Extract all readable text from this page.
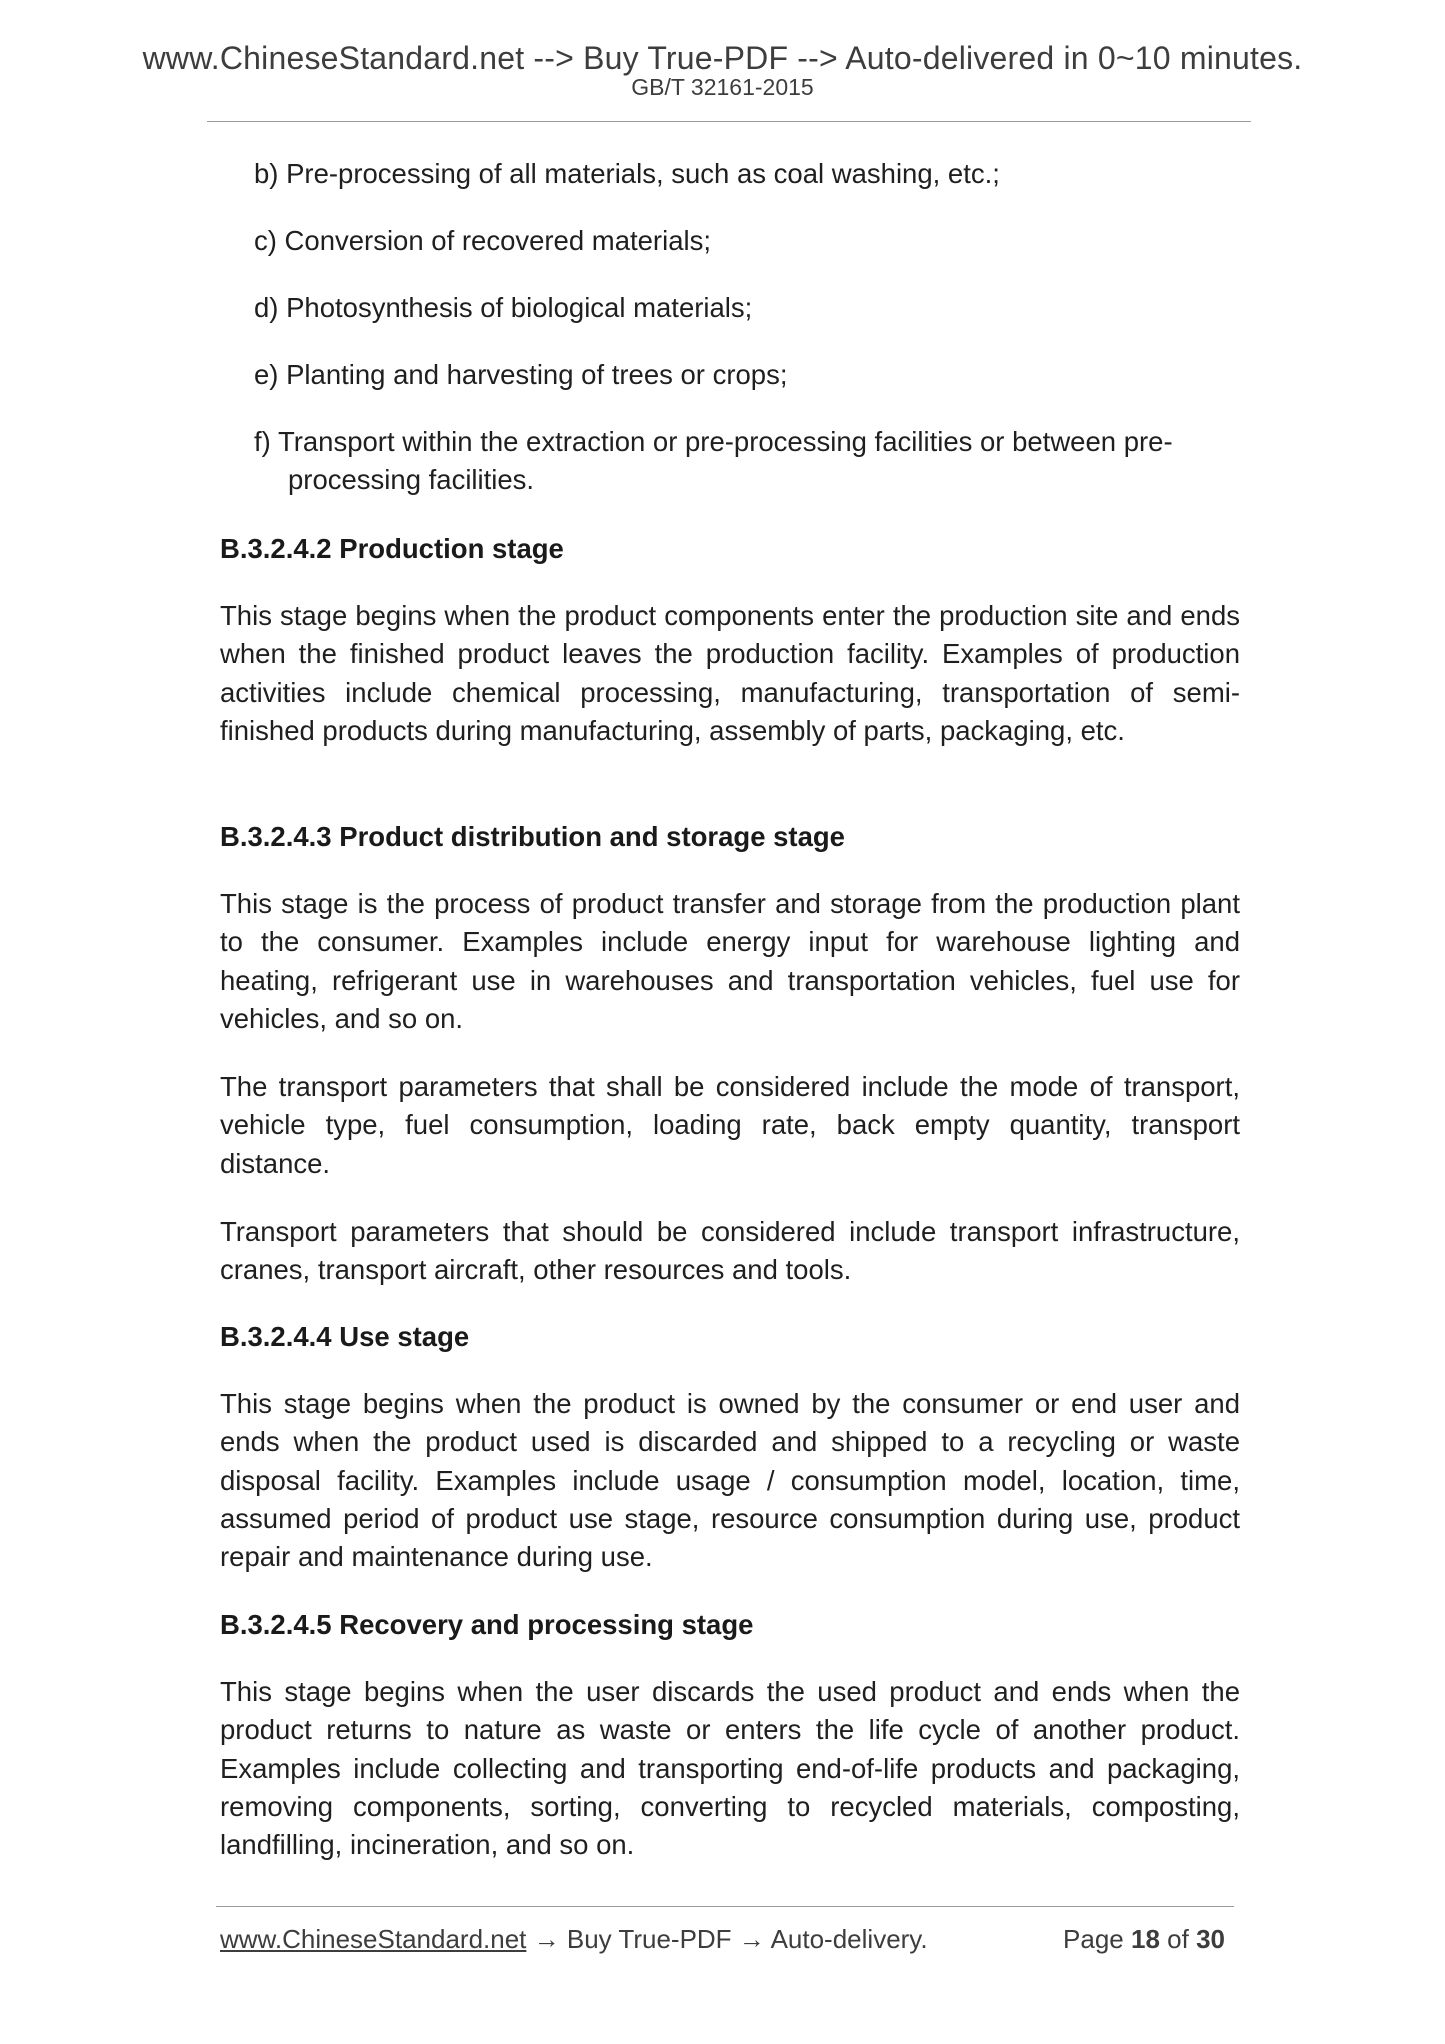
www.ChineseStandard.net --> Buy True-PDF --> Auto-delivered in 0~10 minutes.
GB/T 32161-2015
b) Pre-processing of all materials, such as coal washing, etc.;
c) Conversion of recovered materials;
d) Photosynthesis of biological materials;
e) Planting and harvesting of trees or crops;
f) Transport within the extraction or pre-processing facilities or between pre-
processing facilities.
B.3.2.4.2 Production stage
This stage begins when the product components enter the production site and ends when the finished product leaves the production facility. Examples of production activities include chemical processing, manufacturing, transportation of semi-finished products during manufacturing, assembly of parts, packaging, etc.
B.3.2.4.3 Product distribution and storage stage
This stage is the process of product transfer and storage from the production plant to the consumer. Examples include energy input for warehouse lighting and heating, refrigerant use in warehouses and transportation vehicles, fuel use for vehicles, and so on.
The transport parameters that shall be considered include the mode of transport, vehicle type, fuel consumption, loading rate, back empty quantity, transport distance.
Transport parameters that should be considered include transport infrastructure, cranes, transport aircraft, other resources and tools.
B.3.2.4.4 Use stage
This stage begins when the product is owned by the consumer or end user and ends when the product used is discarded and shipped to a recycling or waste disposal facility. Examples include usage / consumption model, location, time, assumed period of product use stage, resource consumption during use, product repair and maintenance during use.
B.3.2.4.5 Recovery and processing stage
This stage begins when the user discards the used product and ends when the product returns to nature as waste or enters the life cycle of another product. Examples include collecting and transporting end-of-life products and packaging, removing components, sorting, converting to recycled materials, composting, landfilling, incineration, and so on.
www.ChineseStandard.net → Buy True-PDF → Auto-delivery.	Page 18 of 30
